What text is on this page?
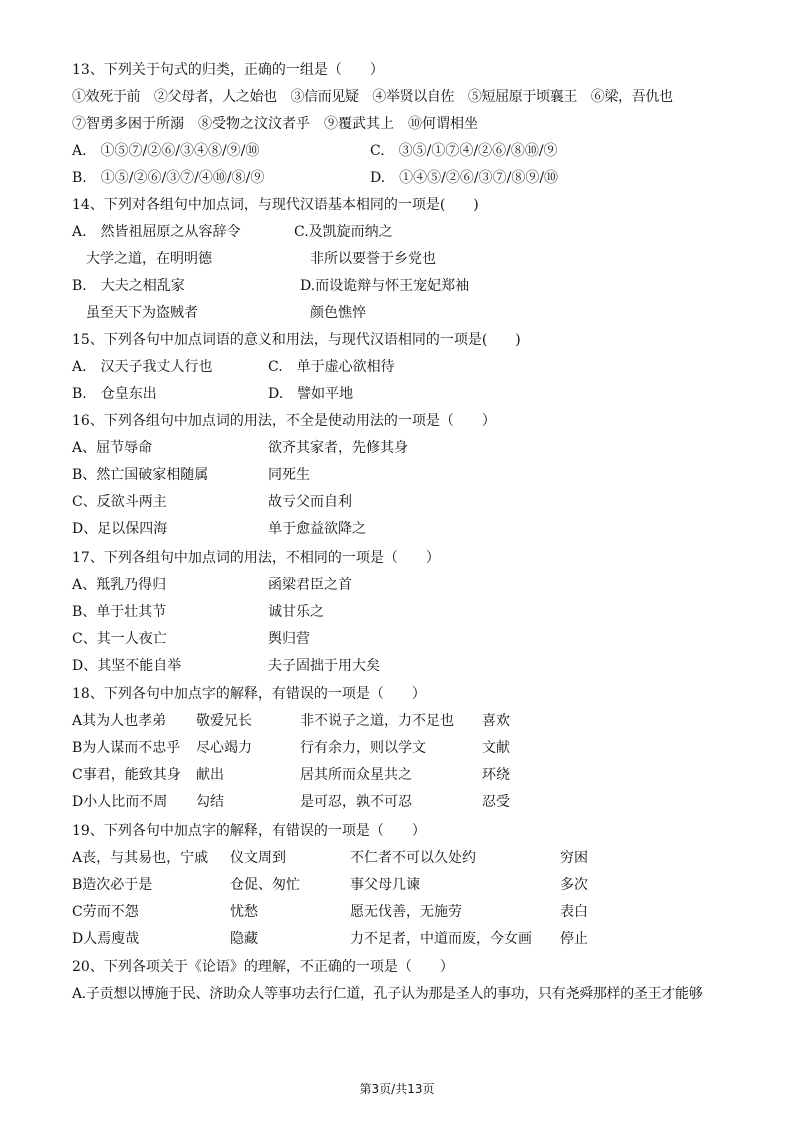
13、下列关于句式的归类，正确的一组是（　　）
①效死于前　②父母者，人之始也　③信而见疑　④举贤以自佐　⑤短屈原于顷襄王　⑥梁，吾仇也
⑦智勇多困于所溺　⑧受物之汶汶者乎　⑨覆武其上　⑩何谓相坐
A.　①⑤⑦/②⑥/③④⑧/⑨/⑩	C.　③⑤/①⑦④/②⑥/⑧⑩/⑨
B.　①⑤/②⑥/③⑦/④⑩/⑧/⑨	D.　①④⑤/②⑥/③⑦/⑧⑨/⑩
14、下列对各组句中加点词，与现代汉语基本相同的一项是(　　)
A.　然皆祖屈原之从容辞令	C.及凯旋而纳之
大学之道，在明明德	非所以要誉于乡党也
B.　大夫之相乱家	D.而设诡辩与怀王宠妃郑袖
虽至天下为盗贼者	颜色憔悴
15、下列各句中加点词语的意义和用法，与现代汉语相同的一项是(　　)
A.　汉天子我丈人行也	C.　单于虚心欲相待
B.　仓皇东出	D.　譬如平地
16、下列各组句中加点词的用法，不全是使动用法的一项是（　　）
A、屈节辱命	欲齐其家者，先修其身
B、然亡国破家相随属	同死生
C、反欲斗两主	故亏父而自利
D、足以保四海	单于愈益欲降之
17、下列各组句中加点词的用法，不相同的一项是（　　）
A、羝乳乃得归	函梁君臣之首
B、单于壮其节	诚甘乐之
C、其一人夜亡	舆归营
D、其坚不能自举	夫子固拙于用大矣
18、下列各句中加点字的解释，有错误的一项是（　　）
A其为人也孝弟 敬爱兄长	非不说子之道，力不足也 喜欢
B为人谋而不忠乎 尽心竭力	行有余力，则以学文	文献
C事君，能致其身 献出	居其所而众星共之	环绕
D小人比而不周 勾结	是可忍，孰不可忍	忍受
19、下列各句中加点字的解释，有错误的一项是（　　）
A丧，与其易也，宁戚 仪文周到	不仁者不可以久处约	穷困
B造次必于是	仓促、匆忙	事父母几谏	多次
C劳而不怨	忧愁	愿无伐善，无施劳	表白
D人焉廋哉	隐藏	力不足者，中道而废，今女画 停止
20、下列各项关于《论语》的理解，不正确的一项是（　　）
A.子贡想以博施于民、济助众人等事功去行仁道，孔子认为那是圣人的事功，只有尧舜那样的圣王才能够
第3页/共13页
